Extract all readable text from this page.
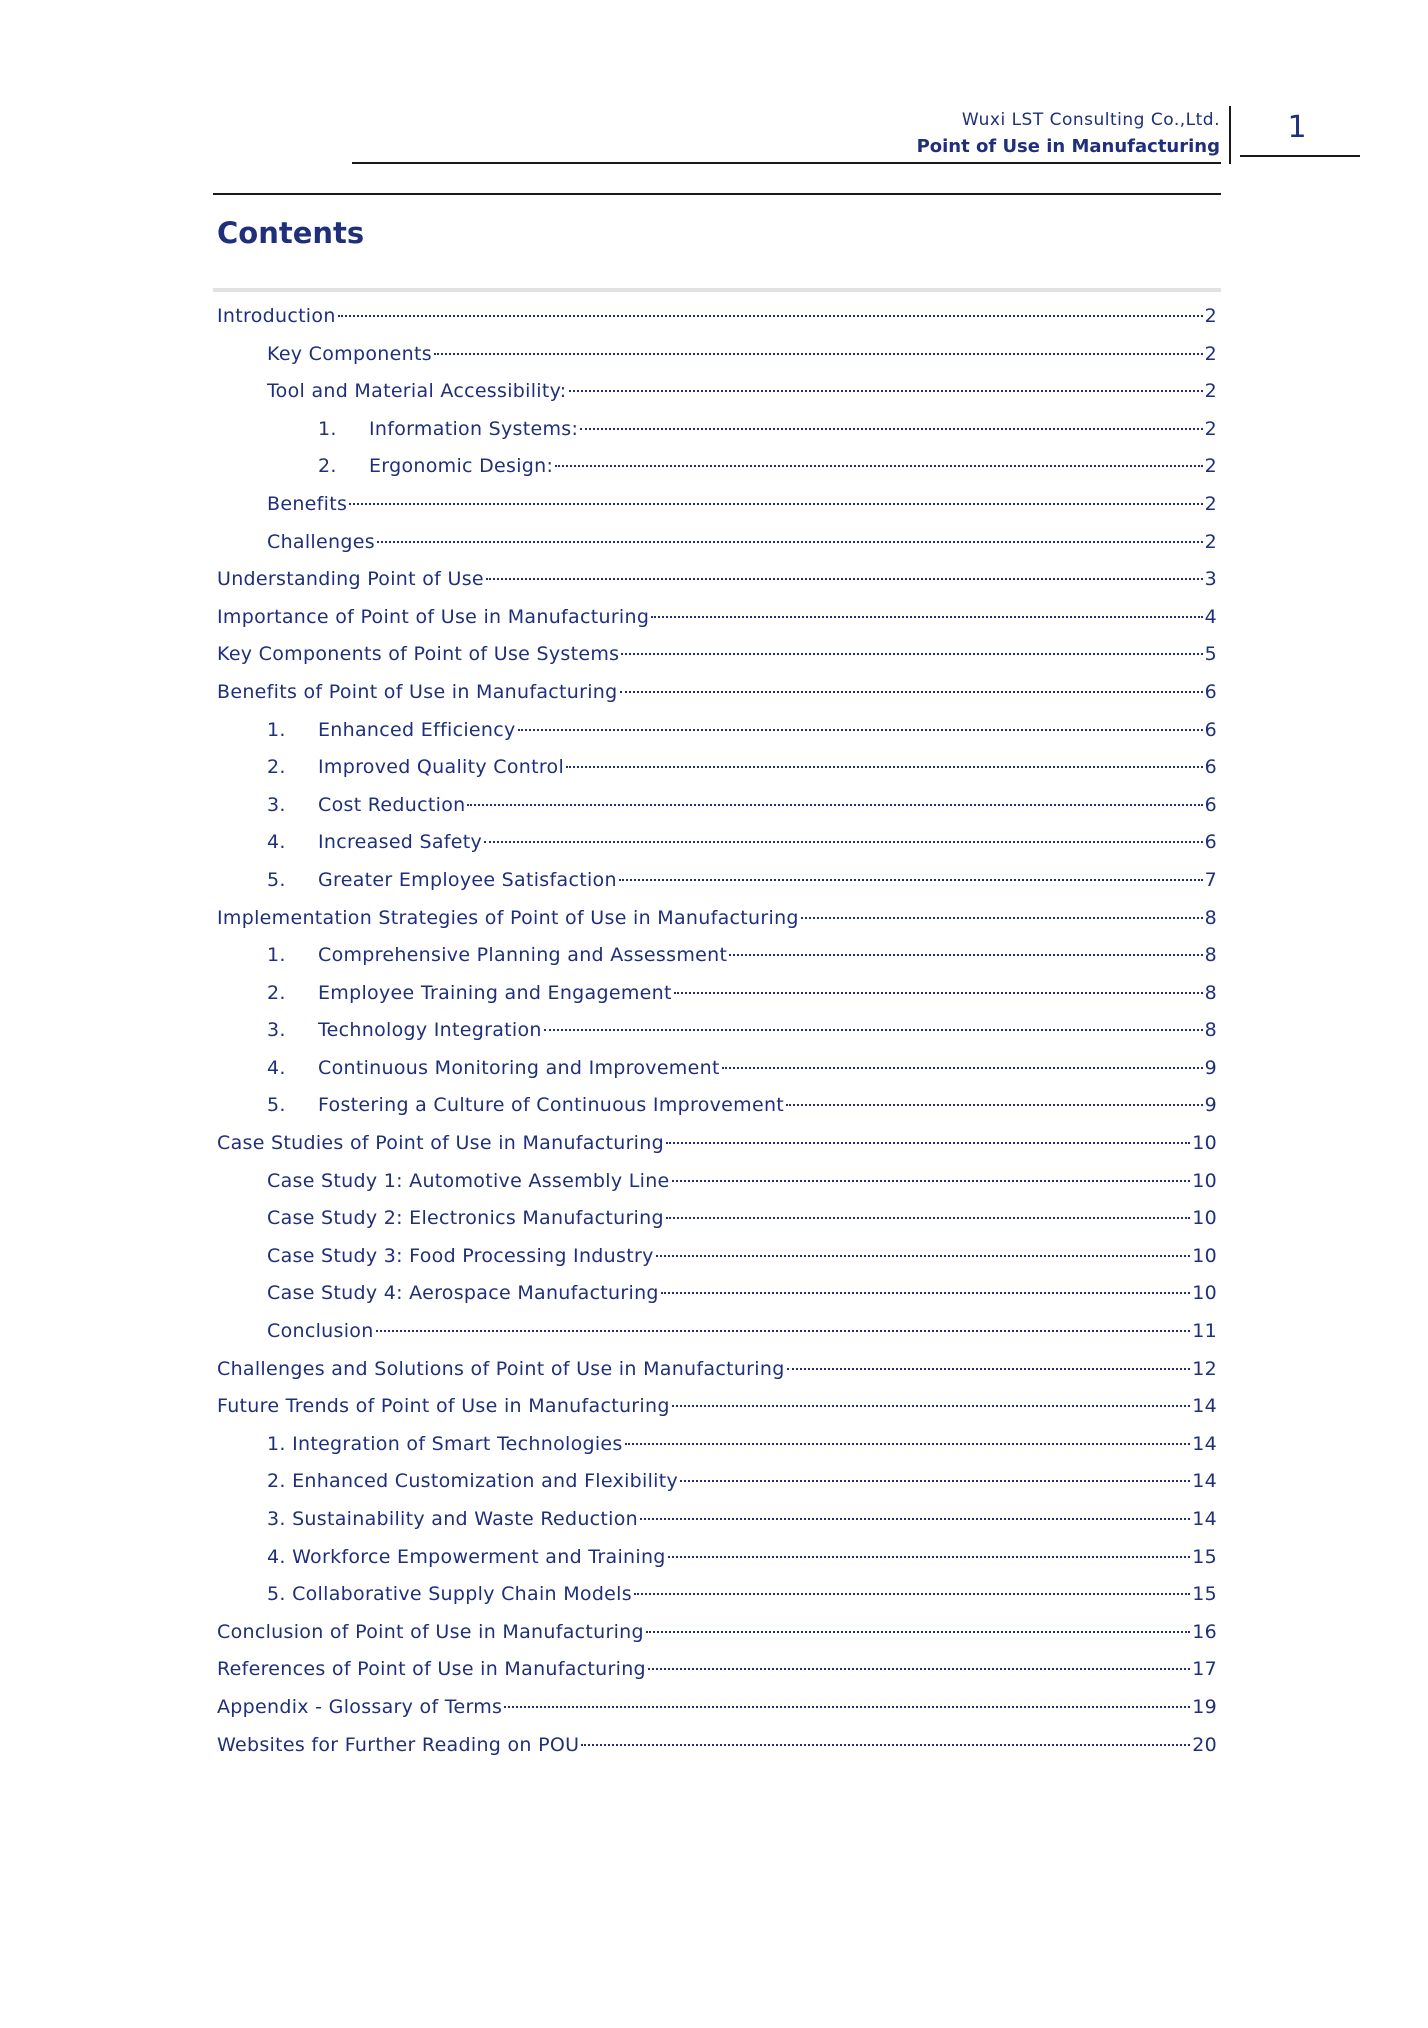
Wuxi LST Consulting Co.,Ltd.
Point of Use in Manufacturing
1
Contents
Introduction	2
Key Components	2
Tool and Material Accessibility:	2
1.	Information Systems:	2
2.	Ergonomic Design:	2
Benefits	2
Challenges	2
Understanding Point of Use	3
Importance of Point of Use in Manufacturing	4
Key Components of Point of Use Systems	5
Benefits of Point of Use in Manufacturing	6
1.	Enhanced Efficiency	6
2.	Improved Quality Control	6
3.	Cost Reduction	6
4.	Increased Safety	6
5.	Greater Employee Satisfaction	7
Implementation Strategies of Point of Use in Manufacturing	8
1.	Comprehensive Planning and Assessment	8
2.	Employee Training and Engagement	8
3.	Technology Integration	8
4.	Continuous Monitoring and Improvement	9
5.	Fostering a Culture of Continuous Improvement	9
Case Studies of Point of Use in Manufacturing	10
Case Study 1: Automotive Assembly Line	10
Case Study 2: Electronics Manufacturing	10
Case Study 3: Food Processing Industry	10
Case Study 4: Aerospace Manufacturing	10
Conclusion	11
Challenges and Solutions of Point of Use in Manufacturing	12
Future Trends of Point of Use in Manufacturing	14
1. Integration of Smart Technologies	14
2. Enhanced Customization and Flexibility	14
3. Sustainability and Waste Reduction	14
4. Workforce Empowerment and Training	15
5. Collaborative Supply Chain Models	15
Conclusion of Point of Use in Manufacturing	16
References of Point of Use in Manufacturing	17
Appendix - Glossary of Terms	19
Websites for Further Reading on POU	20
